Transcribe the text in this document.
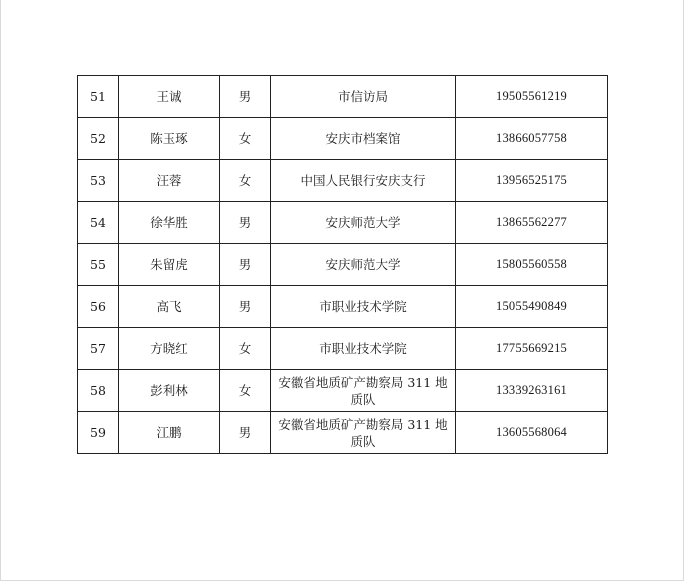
51	王诚	男	市信访局	19505561219
52	陈玉琢	女	安庆市档案馆	13866057758
53	汪蓉	女	中国人民银行安庆支行	13956525175
54	徐华胜	男	安庆师范大学	13865562277
55	朱留虎	男	安庆师范大学	15805560558
56	高飞	男	市职业技术学院	15055490849
57	方晓红	女	市职业技术学院	17755669215
58	彭利林	女	安徽省地质矿产勘察局 311 地质队	13339263161
59	江鹏	男	安徽省地质矿产勘察局 311 地质队	13605568064
